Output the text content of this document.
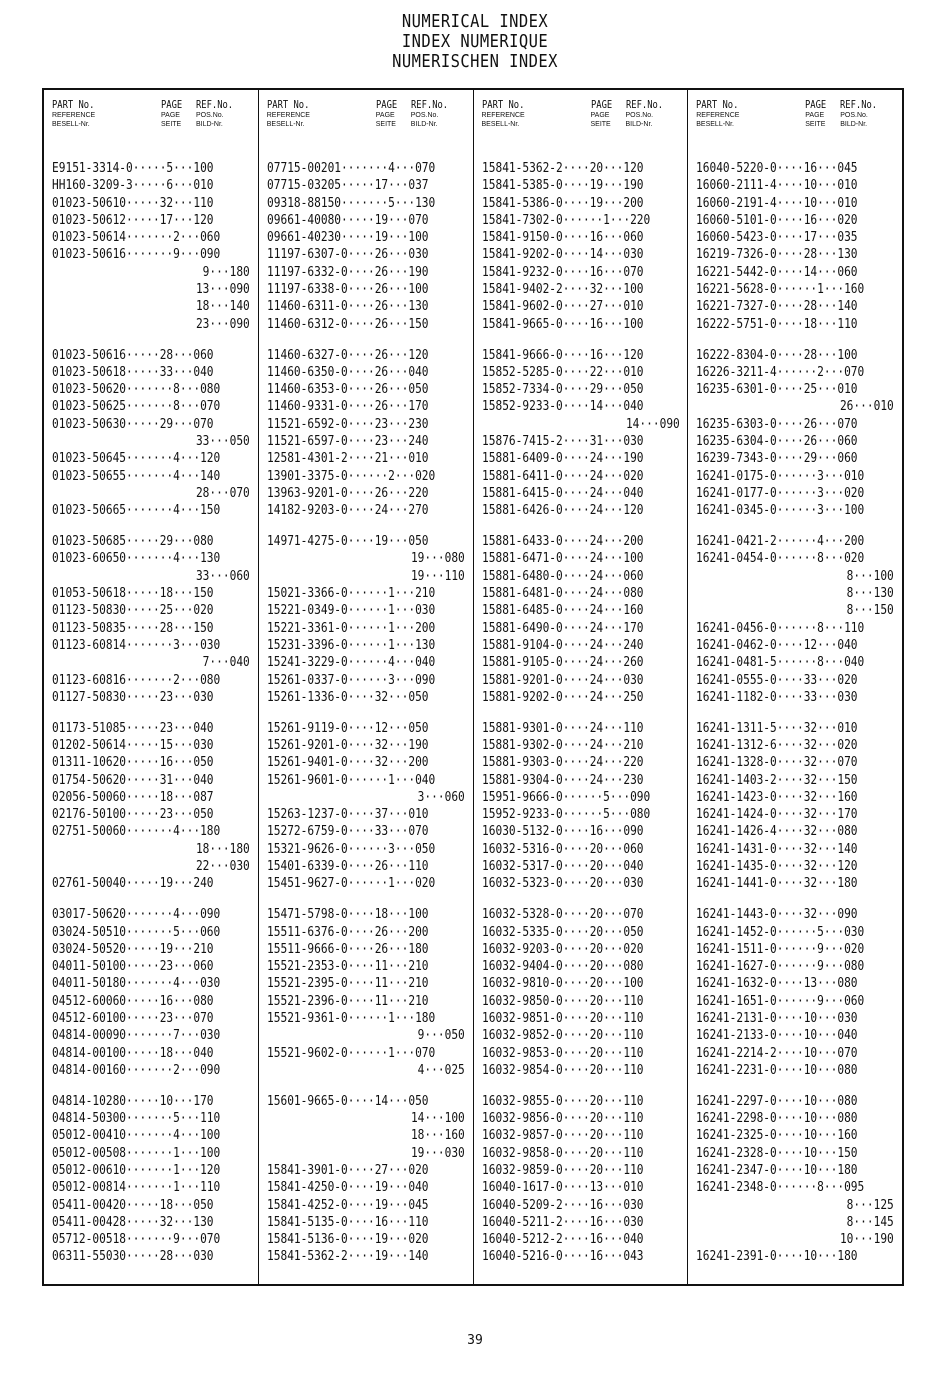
NUMERICAL INDEX
INDEX NUMERIQUE
NUMERISCHEN INDEX
PART No.
REFERENCE
BESELL-Nr.
PAGE
PAGE
SEITE
REF.No.
POS.No.
BILD-Nr.
E9151-3314-0·····5···100
HH160-3209-3·····6···010
01023-50610·····32···110
01023-50612·····17···120
01023-50614·······2···060
01023-50616·······9···090
9···180
13···090
18···140
23···090
01023-50616·····28···060
01023-50618·····33···040
01023-50620·······8···080
01023-50625·······8···070
01023-50630·····29···070
33···050
01023-50645·······4···120
01023-50655·······4···140
28···070
01023-50665·······4···150
01023-50685·····29···080
01023-60650·······4···130
33···060
01053-50618·····18···150
01123-50830·····25···020
01123-50835·····28···150
01123-60814·······3···030
7···040
01123-60816·······2···080
01127-50830·····23···030
01173-51085·····23···040
01202-50614·····15···030
01311-10620·····16···050
01754-50620·····31···040
02056-50060·····18···087
02176-50100·····23···050
02751-50060·······4···180
18···180
22···030
02761-50040·····19···240
03017-50620·······4···090
03024-50510·······5···060
03024-50520·····19···210
04011-50100·····23···060
04011-50180·······4···030
04512-60060·····16···080
04512-60100·····23···070
04814-00090·······7···030
04814-00100·····18···040
04814-00160·······2···090
04814-10280·····10···170
04814-50300·······5···110
05012-00410·······4···100
05012-00508·······1···100
05012-00610·······1···120
05012-00814·······1···110
05411-00420·····18···050
05411-00428·····32···130
05712-00518·······9···070
06311-55030·····28···030
PART No.
REFERENCE
BESELL-Nr.
PAGE
PAGE
SEITE
REF.No.
POS.No.
BILD-Nr.
07715-00201·······4···070
07715-03205·····17···037
09318-88150·······5···130
09661-40080·····19···070
09661-40230·····19···100
11197-6307-0····26···030
11197-6332-0····26···190
11197-6338-0····26···100
11460-6311-0····26···130
11460-6312-0····26···150
11460-6327-0····26···120
11460-6350-0····26···040
11460-6353-0····26···050
11460-9331-0····26···170
11521-6592-0····23···230
11521-6597-0····23···240
12581-4301-2····21···010
13901-3375-0······2···020
13963-9201-0····26···220
14182-9203-0····24···270
14971-4275-0····19···050
19···080
19···110
15021-3366-0······1···210
15221-0349-0······1···030
15221-3361-0······1···200
15231-3396-0······1···130
15241-3229-0······4···040
15261-0337-0······3···090
15261-1336-0····32···050
15261-9119-0····12···050
15261-9201-0····32···190
15261-9401-0····32···200
15261-9601-0······1···040
3···060
15263-1237-0····37···010
15272-6759-0····33···070
15321-9626-0······3···050
15401-6339-0····26···110
15451-9627-0······1···020
15471-5798-0····18···100
15511-6376-0····26···200
15511-9666-0····26···180
15521-2353-0····11···210
15521-2395-0····11···210
15521-2396-0····11···210
15521-9361-0······1···180
9···050
15521-9602-0······1···070
4···025
15601-9665-0····14···050
14···100
18···160
19···030
15841-3901-0····27···020
15841-4250-0····19···040
15841-4252-0····19···045
15841-5135-0····16···110
15841-5136-0····19···020
15841-5362-2····19···140
PART No.
REFERENCE
BESELL-Nr.
PAGE
PAGE
SEITE
REF.No.
POS.No.
BILD-Nr.
15841-5362-2····20···120
15841-5385-0····19···190
15841-5386-0····19···200
15841-7302-0······1···220
15841-9150-0····16···060
15841-9202-0····14···030
15841-9232-0····16···070
15841-9402-2····32···100
15841-9602-0····27···010
15841-9665-0····16···100
15841-9666-0····16···120
15852-5285-0····22···010
15852-7334-0····29···050
15852-9233-0····14···040
14···090
15876-7415-2····31···030
15881-6409-0····24···190
15881-6411-0····24···020
15881-6415-0····24···040
15881-6426-0····24···120
15881-6433-0····24···200
15881-6471-0····24···100
15881-6480-0····24···060
15881-6481-0····24···080
15881-6485-0····24···160
15881-6490-0····24···170
15881-9104-0····24···240
15881-9105-0····24···260
15881-9201-0····24···030
15881-9202-0····24···250
15881-9301-0····24···110
15881-9302-0····24···210
15881-9303-0····24···220
15881-9304-0····24···230
15951-9666-0······5···090
15952-9233-0······5···080
16030-5132-0····16···090
16032-5316-0····20···060
16032-5317-0····20···040
16032-5323-0····20···030
16032-5328-0····20···070
16032-5335-0····20···050
16032-9203-0····20···020
16032-9404-0····20···080
16032-9810-0····20···100
16032-9850-0····20···110
16032-9851-0····20···110
16032-9852-0····20···110
16032-9853-0····20···110
16032-9854-0····20···110
16032-9855-0····20···110
16032-9856-0····20···110
16032-9857-0····20···110
16032-9858-0····20···110
16032-9859-0····20···110
16040-1617-0····13···010
16040-5209-2····16···030
16040-5211-2····16···030
16040-5212-2····16···040
16040-5216-0····16···043
PART No.
REFERENCE
BESELL-Nr.
PAGE
PAGE
SEITE
REF.No.
POS.No.
BILD-Nr.
16040-5220-0····16···045
16060-2111-4····10···010
16060-2191-4····10···010
16060-5101-0····16···020
16060-5423-0····17···035
16219-7326-0····28···130
16221-5442-0····14···060
16221-5628-0······1···160
16221-7327-0····28···140
16222-5751-0····18···110
16222-8304-0····28···100
16226-3211-4······2···070
16235-6301-0····25···010
26···010
16235-6303-0····26···070
16235-6304-0····26···060
16239-7343-0····29···060
16241-0175-0······3···010
16241-0177-0······3···020
16241-0345-0······3···100
16241-0421-2······4···200
16241-0454-0······8···020
8···100
8···130
8···150
16241-0456-0······8···110
16241-0462-0····12···040
16241-0481-5······8···040
16241-0555-0····33···020
16241-1182-0····33···030
16241-1311-5····32···010
16241-1312-6····32···020
16241-1328-0····32···070
16241-1403-2····32···150
16241-1423-0····32···160
16241-1424-0····32···170
16241-1426-4····32···080
16241-1431-0····32···140
16241-1435-0····32···120
16241-1441-0····32···180
16241-1443-0····32···090
16241-1452-0······5···030
16241-1511-0······9···020
16241-1627-0······9···080
16241-1632-0····13···080
16241-1651-0······9···060
16241-2131-0····10···030
16241-2133-0····10···040
16241-2214-2····10···070
16241-2231-0····10···080
16241-2297-0····10···080
16241-2298-0····10···080
16241-2325-0····10···160
16241-2328-0····10···150
16241-2347-0····10···180
16241-2348-0······8···095
8···125
8···145
10···190
16241-2391-0····10···180
39
